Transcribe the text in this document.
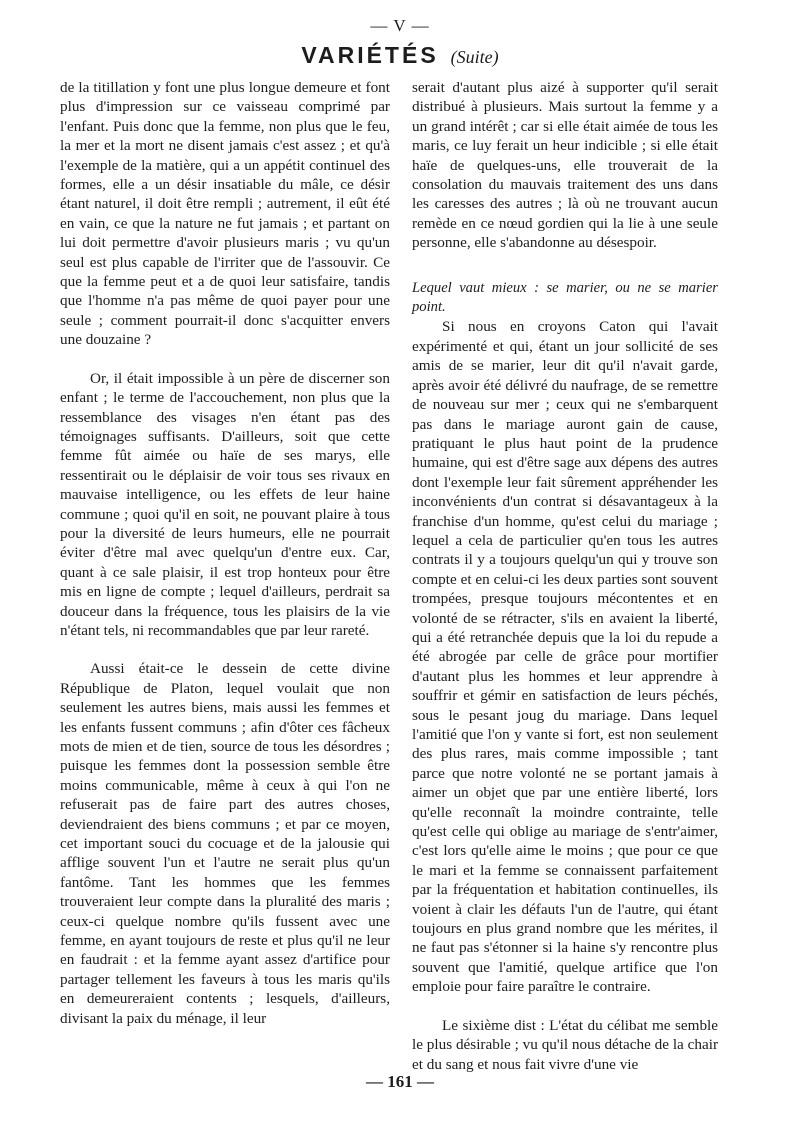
— V —
VARIÉTÉS (Suite)

de la titillation y font une plus longue demeure et font plus d'impression sur ce vaisseau comprimé par l'enfant. Puis donc que la femme, non plus que le feu, la mer et la mort ne disent jamais c'est assez ; et qu'à l'exemple de la matière, qui a un appétit continuel des formes, elle a un désir insatiable du mâle, ce désir étant naturel, il doit être rempli ; autrement, il eût été en vain, ce que la nature ne fut jamais ; et partant on lui doit permettre d'avoir plusieurs maris ; vu qu'un seul est plus capable de l'irriter que de l'assouvir. Ce que la femme peut et a de quoi leur satisfaire, tandis que l'homme n'a pas même de quoi payer pour une seule ; comment pourrait-il donc s'acquitter envers une douzaine ?

Or, il était impossible à un père de discerner son enfant ; le terme de l'accouchement, non plus que la ressemblance des visages n'en étant pas des témoignages suffisants. D'ailleurs, soit que cette femme fût aimée ou haïe de ses marys, elle ressentirait ou le déplaisir de voir tous ses rivaux en mauvaise intelligence, ou les effets de leur haine commune ; quoi qu'il en soit, ne pouvant plaire à tous pour la diversité de leurs humeurs, elle ne pourrait éviter d'être mal avec quelqu'un d'entre eux. Car, quant à ce sale plaisir, il est trop honteux pour être mis en ligne de compte ; lequel d'ailleurs, perdrait sa douceur dans la fréquence, tous les plaisirs de la vie n'étant tels, ni recommandables que par leur rareté.

Aussi était-ce le dessein de cette divine République de Platon, lequel voulait que non seulement les autres biens, mais aussi les femmes et les enfants fussent communs ; afin d'ôter ces fâcheux mots de mien et de tien, source de tous les désordres ; puisque les femmes dont la possession semble être moins communicable, même à ceux à qui l'on ne refuserait pas de faire part des autres choses, deviendraient des biens communs ; et par ce moyen, cet important souci du cocuage et de la jalousie qui afflige souvent l'un et l'autre ne serait plus qu'un fantôme. Tant les hommes que les femmes trouveraient leur compte dans la pluralité des maris ; ceux-ci quelque nombre qu'ils fussent avec une femme, en ayant toujours de reste et plus qu'il ne leur en faudrait : et la femme ayant assez d'artifice pour partager tellement les faveurs à tous les maris qu'ils en demeureraient contents ; lesquels, d'ailleurs, divisant la paix du ménage, il leur

serait d'autant plus aizé à supporter qu'il serait distribué à plusieurs. Mais surtout la femme y a un grand intérêt ; car si elle était aimée de tous les maris, ce luy ferait un heur indicible ; si elle était haïe de quelques-uns, elle trouverait de la consolation du mauvais traitement des uns dans les caresses des autres ; là où ne trouvant aucun remède en ce nœud gordien qui la lie à une seule personne, elle s'abandonne au désespoir.

Lequel vaut mieux : se marier, ou ne se marier point.

Si nous en croyons Caton qui l'avait expérimenté et qui, étant un jour sollicité de ses amis de se marier, leur dit qu'il n'avait garde, après avoir été délivré du naufrage, de se remettre de nouveau sur mer ; ceux qui ne s'embarquent pas dans le mariage auront gain de cause, pratiquant le plus haut point de la prudence humaine, qui est d'être sage aux dépens des autres dont l'exemple leur fait sûrement appréhender les inconvénients d'un contrat si désavantageux à la franchise d'un homme, qu'est celui du mariage ; lequel a cela de particulier qu'en tous les autres contrats il y a toujours quelqu'un qui y trouve son compte et en celui-ci les deux parties sont souvent trompées, presque toujours mécontentes et en volonté de se rétracter, s'ils en avaient la liberté, qui a été retranchée depuis que la loi du repude a été abrogée par celle de grâce pour mortifier d'autant plus les hommes et leur apprendre à souffrir et gémir en satisfaction de leurs péchés, sous le pesant joug du mariage. Dans lequel l'amitié que l'on y vante si fort, est non seulement des plus rares, mais comme impossible ; tant parce que notre volonté ne se portant jamais à aimer un objet que par une entière liberté, lors qu'elle reconnaît la moindre contrainte, telle qu'est celle qui oblige au mariage de s'entr'aimer, c'est lors qu'elle aime le moins ; que pour ce que le mari et la femme se connaissent parfaitement par la fréquentation et habitation continuelles, ils voient à clair les défauts l'un de l'autre, qui étant toujours en plus grand nombre que les mérites, il ne faut pas s'étonner si la haine s'y rencontre plus souvent que l'amitié, quelque artifice que l'on emploie pour faire paraître le contraire.

Le sixième dist : L'état du célibat me semble le plus désirable ; vu qu'il nous détache de la chair et du sang et nous fait vivre d'une vie

— 161 —
